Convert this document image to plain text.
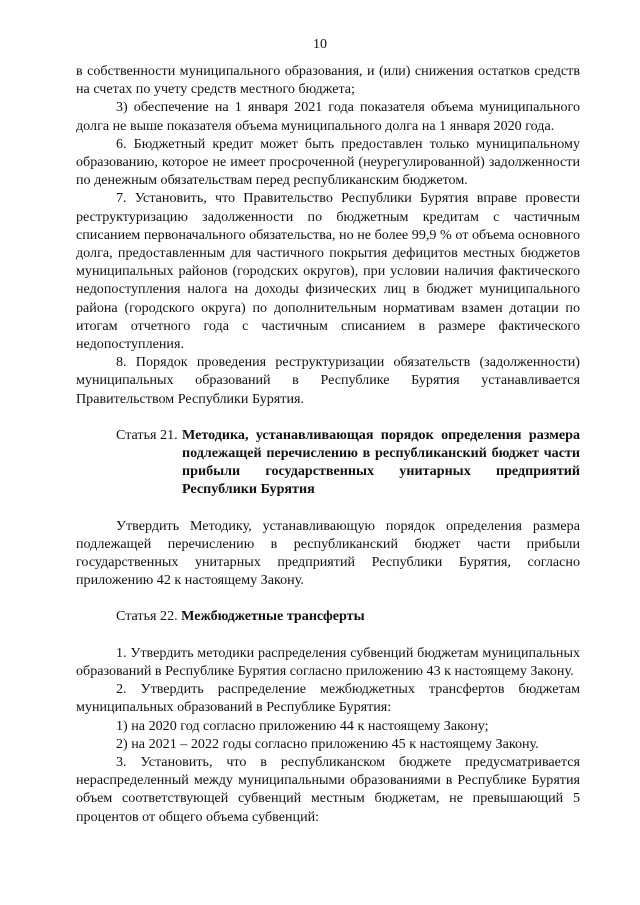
10

в собственности муниципального образования, и (или) снижения остатков средств на счетах по учету средств местного бюджета;

3) обеспечение на 1 января 2021 года показателя объема муниципального долга не выше показателя объема муниципального долга на 1 января 2020 года.

6. Бюджетный кредит может быть предоставлен только муниципальному образованию, которое не имеет просроченной (неурегулированной) задолженности по денежным обязательствам перед республиканским бюджетом.

7. Установить, что Правительство Республики Бурятия вправе провести реструктуризацию задолженности по бюджетным кредитам с частичным списанием первоначального обязательства, но не более 99,9 % от объема основного долга, предоставленным для частичного покрытия дефицитов местных бюджетов муниципальных районов (городских округов), при условии наличия фактического недопоступления налога на доходы физических лиц в бюджет муниципального района (городского округа) по дополнительным нормативам взамен дотации по итогам отчетного года с частичным списанием в размере фактического недопоступления.

8. Порядок проведения реструктуризации обязательств (задолженности) муниципальных образований в Республике Бурятия устанавливается Правительством Республики Бурятия.

Статья 21. Методика, устанавливающая порядок определения размера подлежащей перечислению в республиканский бюджет части прибыли государственных унитарных предприятий Республики Бурятия

Утвердить Методику, устанавливающую порядок определения размера подлежащей перечислению в республиканский бюджет части прибыли государственных унитарных предприятий Республики Бурятия, согласно приложению 42 к настоящему Закону.

Статья 22. Межбюджетные трансферты

1. Утвердить методики распределения субвенций бюджетам муниципальных образований в Республике Бурятия согласно приложению 43 к настоящему Закону.

2. Утвердить распределение межбюджетных трансфертов бюджетам муниципальных образований в Республике Бурятия:

1) на 2020 год согласно приложению 44 к настоящему Закону;

2) на 2021 – 2022 годы согласно приложению 45 к настоящему Закону.

3. Установить, что в республиканском бюджете предусматривается нераспределенный между муниципальными образованиями в Республике Бурятия объем соответствующей субвенций местным бюджетам, не превышающий 5 процентов от общего объема субвенций:
